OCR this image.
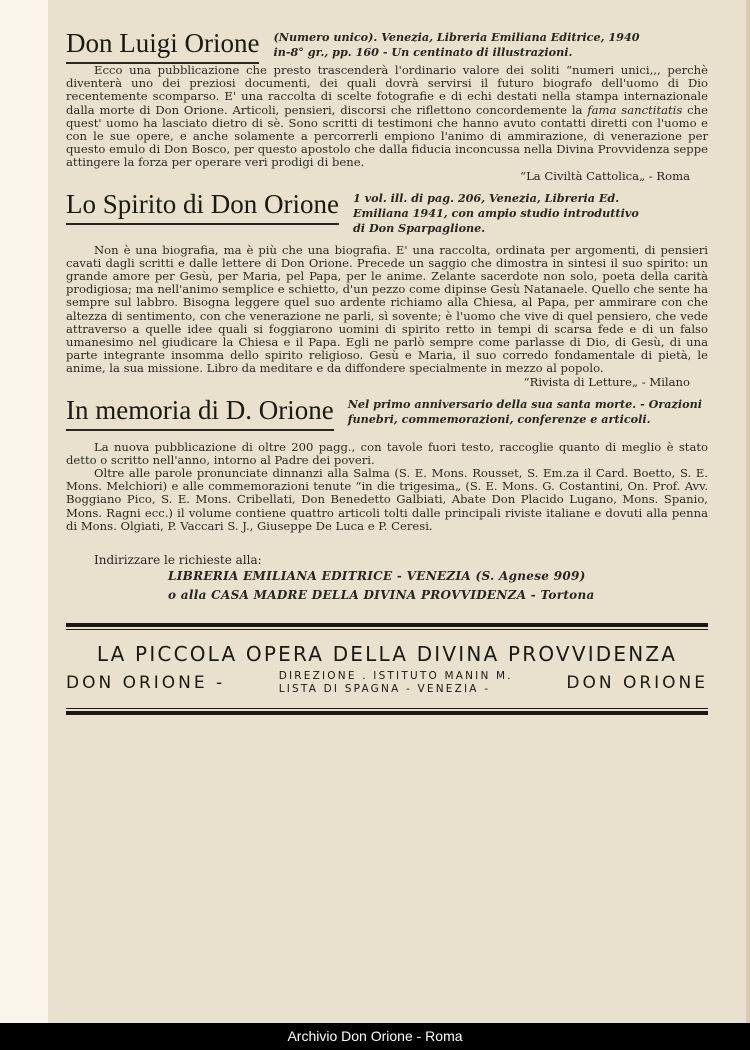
Don Luigi Orione (Numero unico). Venezia, Libreria Emiliana Editrice, 1940
in-8° gr., pp. 160 - Un centinato di illustrazioni.

Ecco una pubblicazione che presto trascenderà l'ordinario valore dei soliti “numeri unici,,, perchè diventerà uno dei preziosi documenti, dei quali dovrà servirsi il futuro biografo dell'uomo di Dio recentemente scomparso. E' una raccolta di scelte fotografie e di echi destati nella stampa internazionale dalla morte di Don Orione. Articoli, pensieri, discorsi che riflettono concordemente la fama sanctitatis che quest' uomo ha lasciato dietro di sè. Sono scritti di testimoni che hanno avuto contatti diretti con l'uomo e con le sue opere, e anche solamente a percorrerli empiono l'animo di ammirazione, di venerazione per questo emulo di Don Bosco, per questo apostolo che dalla fiducia inconcussa nella Divina Provvidenza seppe attingere la forza per operare veri prodigi di bene.

“La Civiltà Cattolica„ - Roma
Lo Spirito di Don Orione 1 vol. ill. di pag. 206, Venezia, Libreria Ed.
Emiliana 1941, con ampio studio introduttivo
di Don Sparpaglione.

Non è una biografia, ma è più che una biografia. E' una raccolta, ordinata per argomenti, di pensieri cavati dagli scritti e dalle lettere di Don Orione. Precede un saggio che dimostra in sintesi il suo spirito: un grande amore per Gesù, per Maria, pel Papa, per le anime. Zelante sacerdote non solo, poeta della carità prodigiosa; ma nell'animo semplice e schietto, d'un pezzo come dipinse Gesù Natanaele. Quello che sente ha sempre sul labbro. Bisogna leggere quel suo ardente richiamo alla Chiesa, al Papa, per ammirare con che altezza di sentimento, con che venerazione ne parli, sì sovente; è l'uomo che vive di quel pensiero, che vede attraverso a quelle idee quali si foggiarono uomini di spirito retto in tempi di scarsa fede e di un falso umanesimo nel giudicare la Chiesa e il Papa. Egli ne parlò sempre come parlasse di Dio, di Gesù, di una parte integrante insomma dello spirito religioso. Gesù e Maria, il suo corredo fondamentale di pietà, le anime, la sua missione. Libro da meditare e da diffondere specialmente in mezzo al popolo.

“Rivista di Letture„ - Milano
In memoria di D. Orione Nel primo anniversario della sua santa morte. - Orazioni funebri, commemorazioni, conferenze e articoli.

La nuova pubblicazione di oltre 200 pagg., con tavole fuori testo, raccoglie quanto di meglio è stato detto o scritto nell'anno, intorno al Padre dei poveri.

Oltre alle parole pronunciate dinnanzi alla Salma (S. E. Mons. Rousset, S. Em.za il Card. Boetto, S. E. Mons. Melchiori) e alle commemorazioni tenute “in die trigesima„ (S. E. Mons. G. Costantini, On. Prof. Avv. Boggiano Pico, S. E. Mons. Cribellati, Don Benedetto Galbiati, Abate Don Placido Lugano, Mons. Spanio, Mons. Ragni ecc.) il volume contiene quattro articoli tolti dalle principali riviste italiane e dovuti alla penna di Mons. Olgiati, P. Vaccari S. J., Giuseppe De Luca e P. Ceresi.

Indirizzare le richieste alla:
LIBRERIA EMILIANA EDITRICE - VENEZIA (S. Agnese 909)
o alla CASA MADRE DELLA DIVINA PROVVIDENZA - Tortona
LA PICCOLA OPERA DELLA DIVINA PROVVIDENZA
DON ORIONE -	DIREZIONE . ISTITUTO MANIN M.
LISTA DI SPAGNA - VENEZIA -	DON ORIONE
Archivio Don Orione - Roma
